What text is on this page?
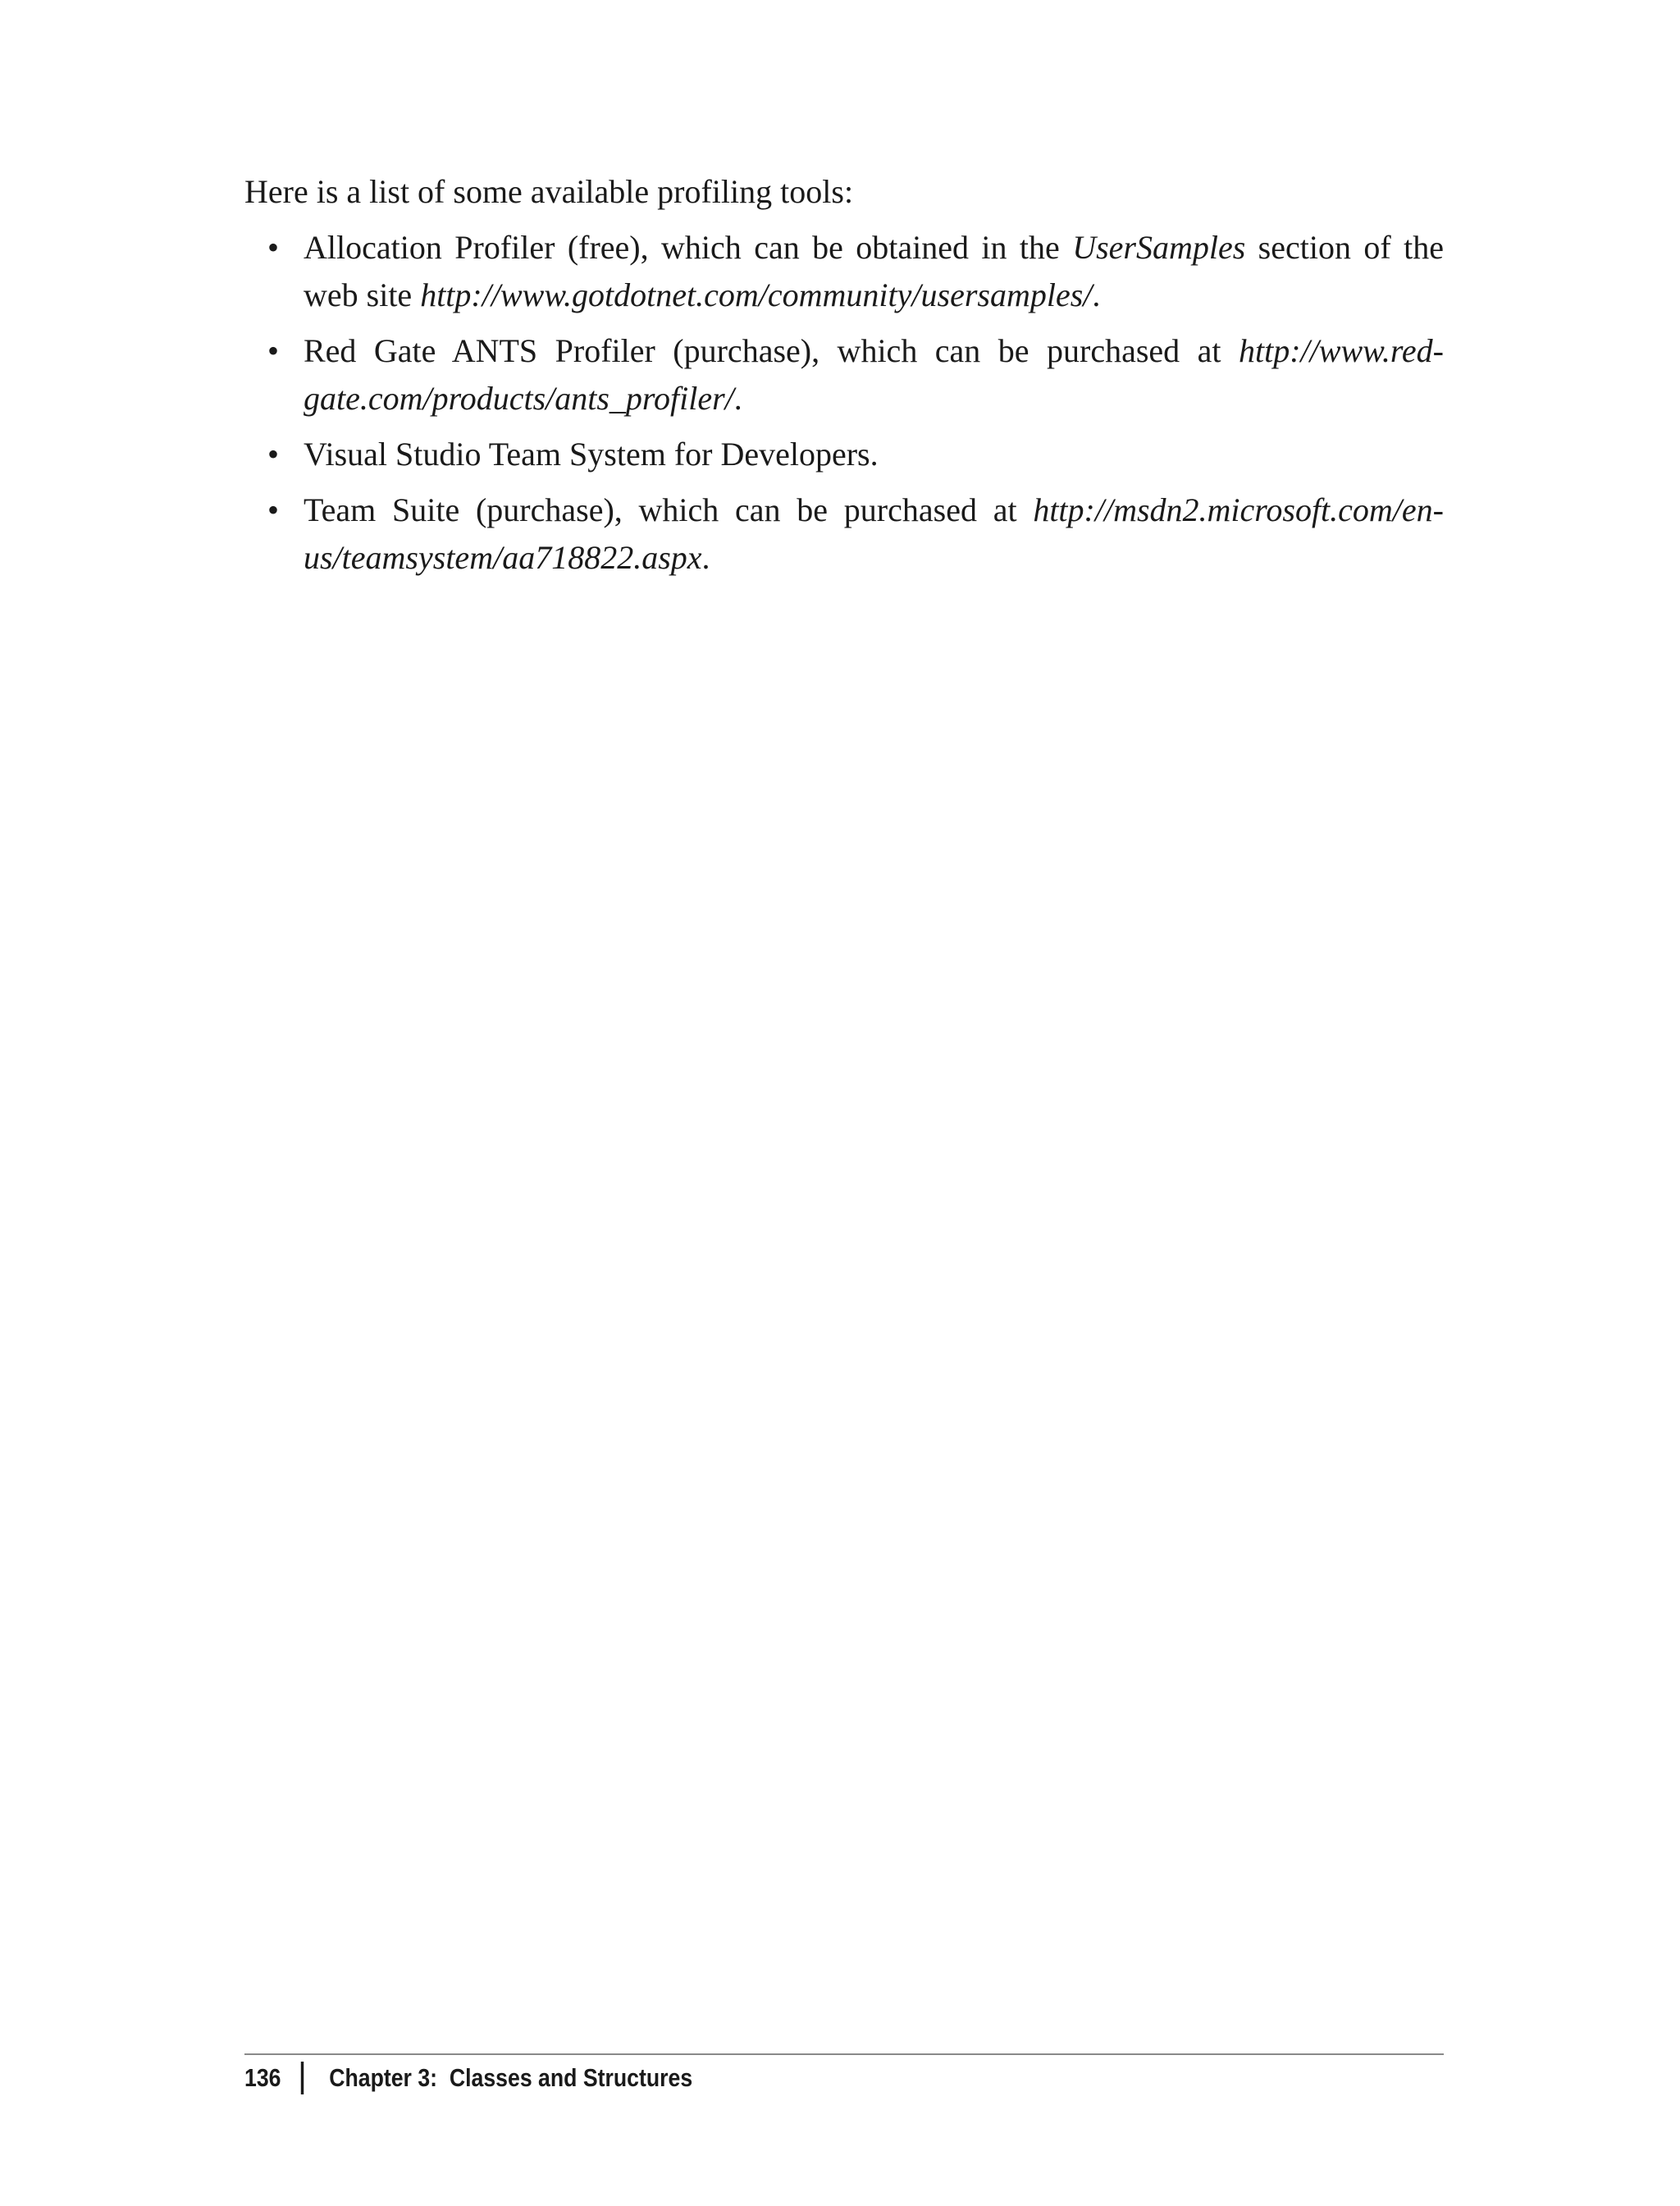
Here is a list of some available profiling tools:

• Allocation Profiler (free), which can be obtained in the UserSamples section of the web site http://www.gotdotnet.com/community/usersamples/.
• Red Gate ANTS Profiler (purchase), which can be purchased at http://www.red-gate.com/products/ants_profiler/.
• Visual Studio Team System for Developers.
• Team Suite (purchase), which can be purchased at http://msdn2.microsoft.com/en-us/teamsystem/aa718822.aspx.
136	Chapter 3:  Classes and Structures
